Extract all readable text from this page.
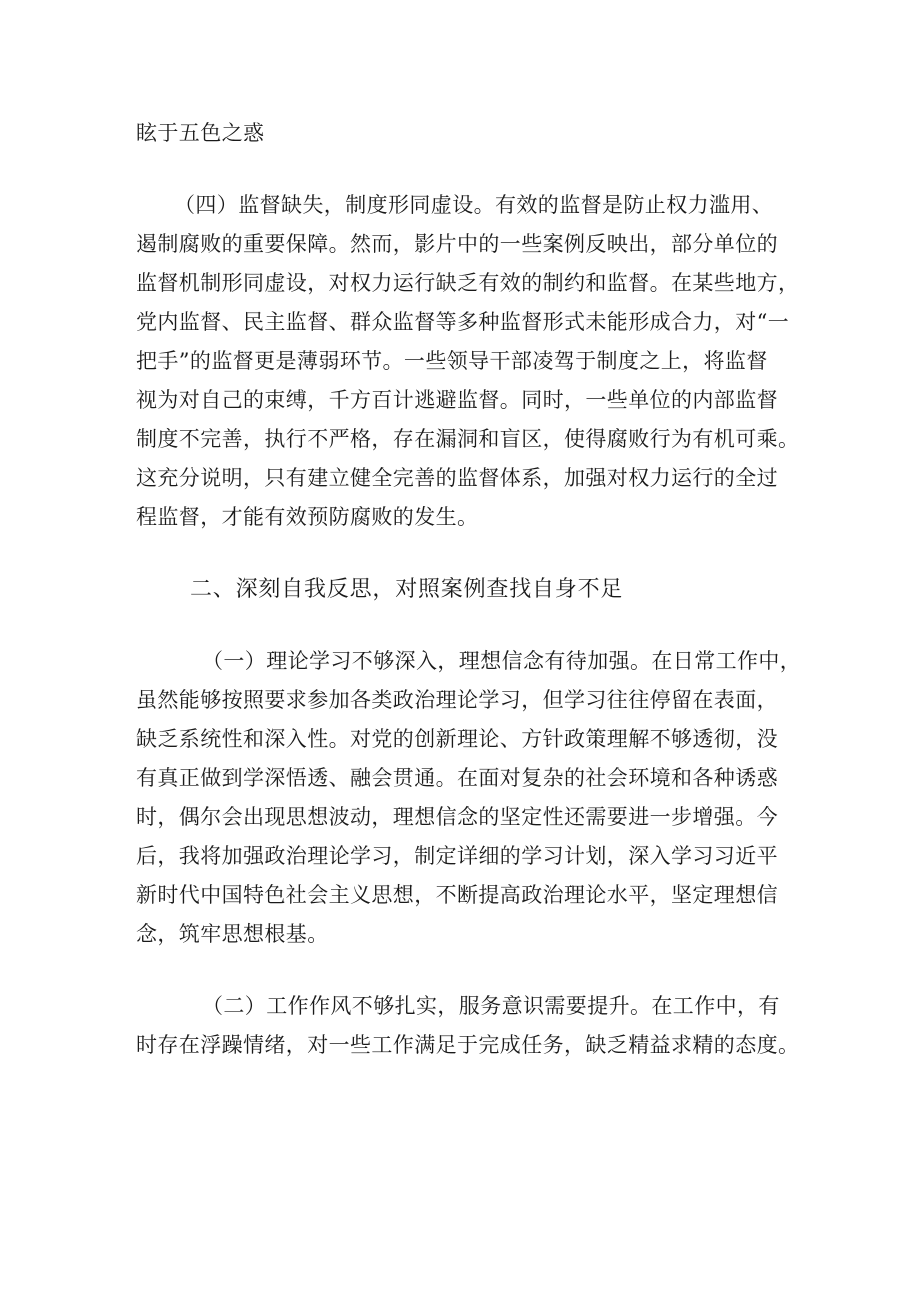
眩于五色之惑
（四）监督缺失，制度形同虚设。有效的监督是防止权力滥用、
遏制腐败的重要保障。然而，影片中的一些案例反映出，部分单位的
监督机制形同虚设，对权力运行缺乏有效的制约和监督。在某些地方，
党内监督、民主监督、群众监督等多种监督形式未能形成合力，对“一
把手”的监督更是薄弱环节。一些领导干部凌驾于制度之上，将监督
视为对自己的束缚，千方百计逃避监督。同时，一些单位的内部监督
制度不完善，执行不严格，存在漏洞和盲区，使得腐败行为有机可乘。
这充分说明，只有建立健全完善的监督体系，加强对权力运行的全过
程监督，才能有效预防腐败的发生。
二、深刻自我反思，对照案例查找自身不足
（一）理论学习不够深入，理想信念有待加强。在日常工作中，
虽然能够按照要求参加各类政治理论学习，但学习往往停留在表面，
缺乏系统性和深入性。对党的创新理论、方针政策理解不够透彻，没
有真正做到学深悟透、融会贯通。在面对复杂的社会环境和各种诱惑
时，偶尔会出现思想波动，理想信念的坚定性还需要进一步增强。今
后，我将加强政治理论学习，制定详细的学习计划，深入学习习近平
新时代中国特色社会主义思想，不断提高政治理论水平，坚定理想信
念，筑牢思想根基。
（二）工作作风不够扎实，服务意识需要提升。在工作中，有
时存在浮躁情绪，对一些工作满足于完成任务，缺乏精益求精的态度。
